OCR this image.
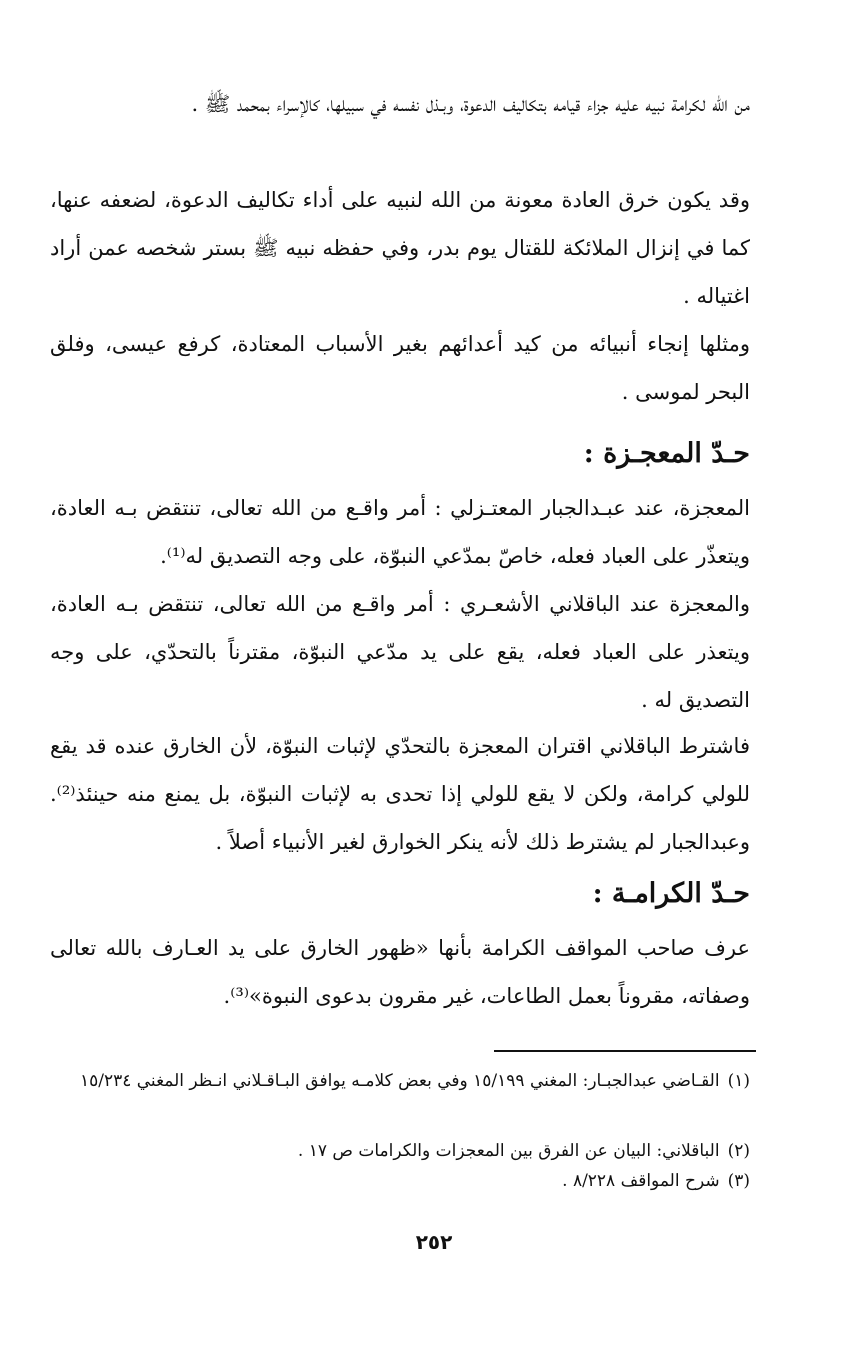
من الله لكرامة نبيه عليه جزاء قيامه بتكاليف الدعوة، وبـذل نفسه في سبيلها، كالإسراء بمحمد ﷺ .

وقد يكون خرق العادة معونة من الله لنبيه على أداء تكاليف الدعوة، لضعفه عنها، كما في إنزال الملائكة للقتال يوم بدر، وفي حفظه نبيه ﷺ بستر شخصه عمن أراد اغتياله .

ومثلها إنجاء أنبيائه من كيد أعدائهم بغير الأسباب المعتادة، كرفع عيسى، وفلق البحر لموسى .

حـدّ المعجـزة :

المعجزة، عند عبـدالجبار المعتـزلي : أمر واقـع من الله تعالى، تنتقض بـه العادة، ويتعذّر على العباد فعله، خاصّ بمدّعي النبوّة، على وجه التصديق له⁽¹⁾.

والمعجزة عند الباقلاني الأشعـري : أمر واقـع من الله تعالى، تنتقض بـه العادة، ويتعذر على العباد فعله، يقع على يد مدّعي النبوّة، مقترناً بالتحدّي، على وجه التصديق له .

فاشترط الباقلاني اقتران المعجزة بالتحدّي لإثبات النبوّة، لأن الخارق عنده قد يقع للولي كرامة، ولكن لا يقع للولي إذا تحدى به لإثبات النبوّة، بل يمنع منه حينئذ⁽²⁾. وعبدالجبار لم يشترط ذلك لأنه ينكر الخوارق لغير الأنبياء أصلاً .

حـدّ الكرامـة :

عرف صاحب المواقف الكرامة بأنها «ظهور الخارق على يد العـارف بالله تعالى وصفاته، مقروناً بعمل الطاعات، غير مقرون بدعوى النبوة»⁽³⁾.

(١)القـاضي عبدالجبـار: المغني ١٥/١٩٩ وفي بعض كلامـه يوافق البـاقـلاني انـظر المغني ١٥/٢٣٤

(٢)الباقلاني: البيان عن الفرق بين المعجزات والكرامات ص ١٧ .

(٣)شرح المواقف ٨/٢٢٨ .

٢٥٢
